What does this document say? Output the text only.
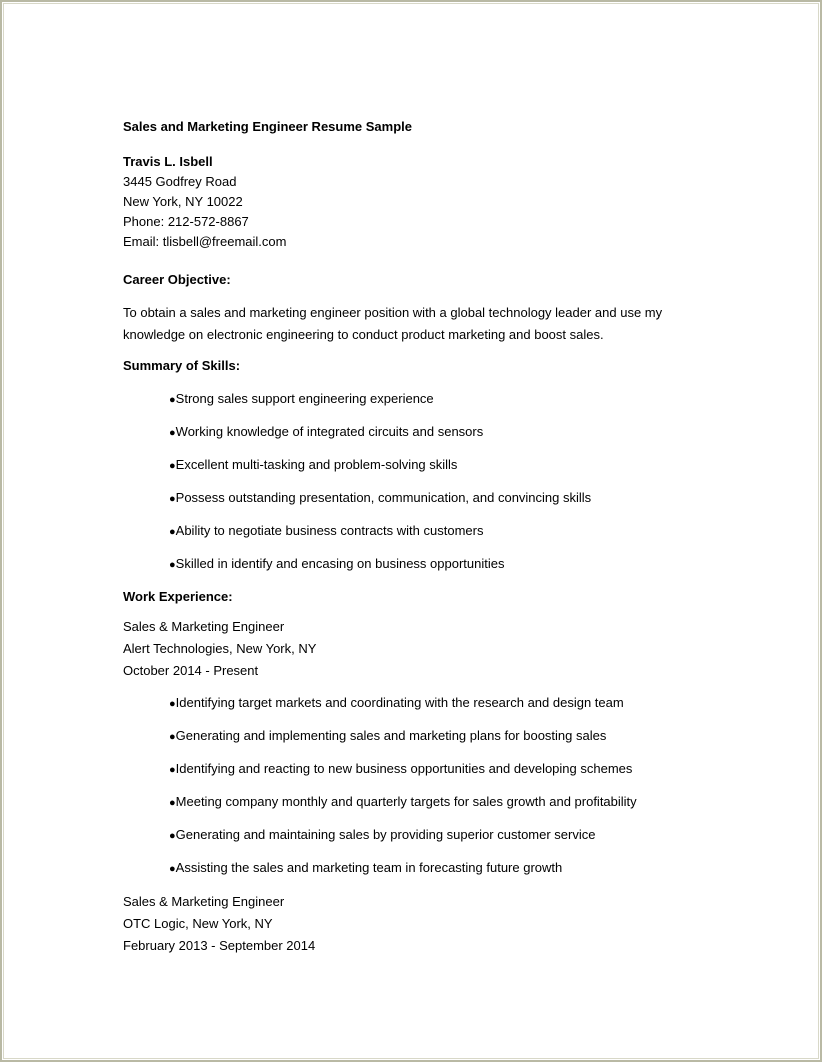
Sales and Marketing Engineer Resume Sample
Travis L. Isbell
3445 Godfrey Road
New York, NY 10022
Phone: 212-572-8867
Email: tlisbell@freemail.com
Career Objective:
To obtain a sales and marketing engineer position with a global technology leader and use my
knowledge on electronic engineering to conduct product marketing and boost sales.
Summary of Skills:
●Strong sales support engineering experience
●Working knowledge of integrated circuits and sensors
●Excellent multi-tasking and problem-solving skills
●Possess outstanding presentation, communication, and convincing skills
●Ability to negotiate business contracts with customers
●Skilled in identify and encasing on business opportunities
Work Experience:
Sales & Marketing Engineer
Alert Technologies, New York, NY
October 2014 - Present
●Identifying target markets and coordinating with the research and design team
●Generating and implementing sales and marketing plans for boosting sales
●Identifying and reacting to new business opportunities and developing schemes
●Meeting company monthly and quarterly targets for sales growth and profitability
●Generating and maintaining sales by providing superior customer service
●Assisting the sales and marketing team in forecasting future growth
Sales & Marketing Engineer
OTC Logic, New York, NY
February 2013 - September 2014
